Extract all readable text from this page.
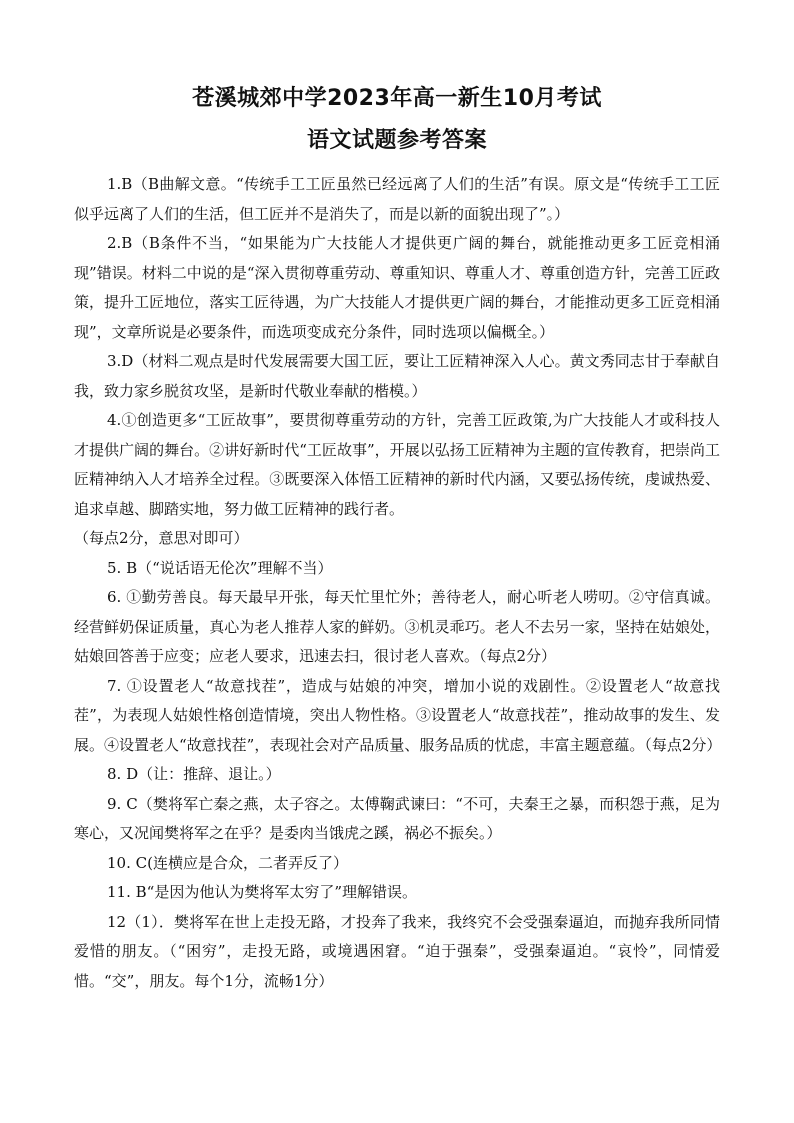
苍溪城郊中学2023年高一新生10月考试
语文试题参考答案

1.B（B曲解文意。“传统手工工匠虽然已经远离了人们的生活”有误。原文是“传统手工工匠似乎远离了人们的生活，但工匠并不是消失了，而是以新的面貌出现了”。）

2.B（B条件不当，“如果能为广大技能人才提供更广阔的舞台，就能推动更多工匠竞相涌现”错误。材料二中说的是“深入贯彻尊重劳动、尊重知识、尊重人才、尊重创造方针，完善工匠政策，提升工匠地位，落实工匠待遇，为广大技能人才提供更广阔的舞台，才能推动更多工匠竞相涌现”，文章所说是必要条件，而选项变成充分条件，同时选项以偏概全。）

3.D（材料二观点是时代发展需要大国工匠，要让工匠精神深入人心。黄文秀同志甘于奉献自我，致力家乡脱贫攻坚，是新时代敬业奉献的楷模。）

4.①创造更多“工匠故事”，要贯彻尊重劳动的方针，完善工匠政策,为广大技能人才或科技人才提供广阔的舞台。②讲好新时代“工匠故事”，开展以弘扬工匠精神为主题的宣传教育，把崇尚工匠精神纳入人才培养全过程。③既要深入体悟工匠精神的新时代内涵，又要弘扬传统，虔诚热爱、追求卓越、脚踏实地，努力做工匠精神的践行者。

（每点2分，意思对即可）

5. B（“说话语无伦次”理解不当）

6. ①勤劳善良。每天最早开张，每天忙里忙外；善待老人，耐心听老人唠叨。②守信真诚。经营鲜奶保证质量，真心为老人推荐人家的鲜奶。③机灵乖巧。老人不去另一家，坚持在姑娘处，姑娘回答善于应变；应老人要求，迅速去扫，很讨老人喜欢。（每点2分）

7. ①设置老人“故意找茬”，造成与姑娘的冲突，增加小说的戏剧性。②设置老人“故意找茬”，为表现人姑娘性格创造情境，突出人物性格。③设置老人“故意找茬”，推动故事的发生、发展。④设置老人“故意找茬”，表现社会对产品质量、服务品质的忧虑，丰富主题意蕴。（每点2分）

8. D（让：推辞、退让。）

9. C（樊将军亡秦之燕，太子容之。太傅鞠武谏曰：“不可，夫秦王之暴，而积怨于燕，足为寒心，又况闻樊将军之在乎？是委肉当饿虎之蹊，祸必不振矣。）

10. C(连横应是合众，二者弄反了）

11. B“是因为他认为樊将军太穷了”理解错误。

12（1）．樊将军在世上走投无路，才投奔了我来，我终究不会受强秦逼迫，而抛弃我所同情爱惜的朋友。（“困穷”，走投无路，或境遇困窘。“迫于强秦”，受强秦逼迫。“哀怜”，同情爱惜。“交”，朋友。每个1分，流畅1分）
